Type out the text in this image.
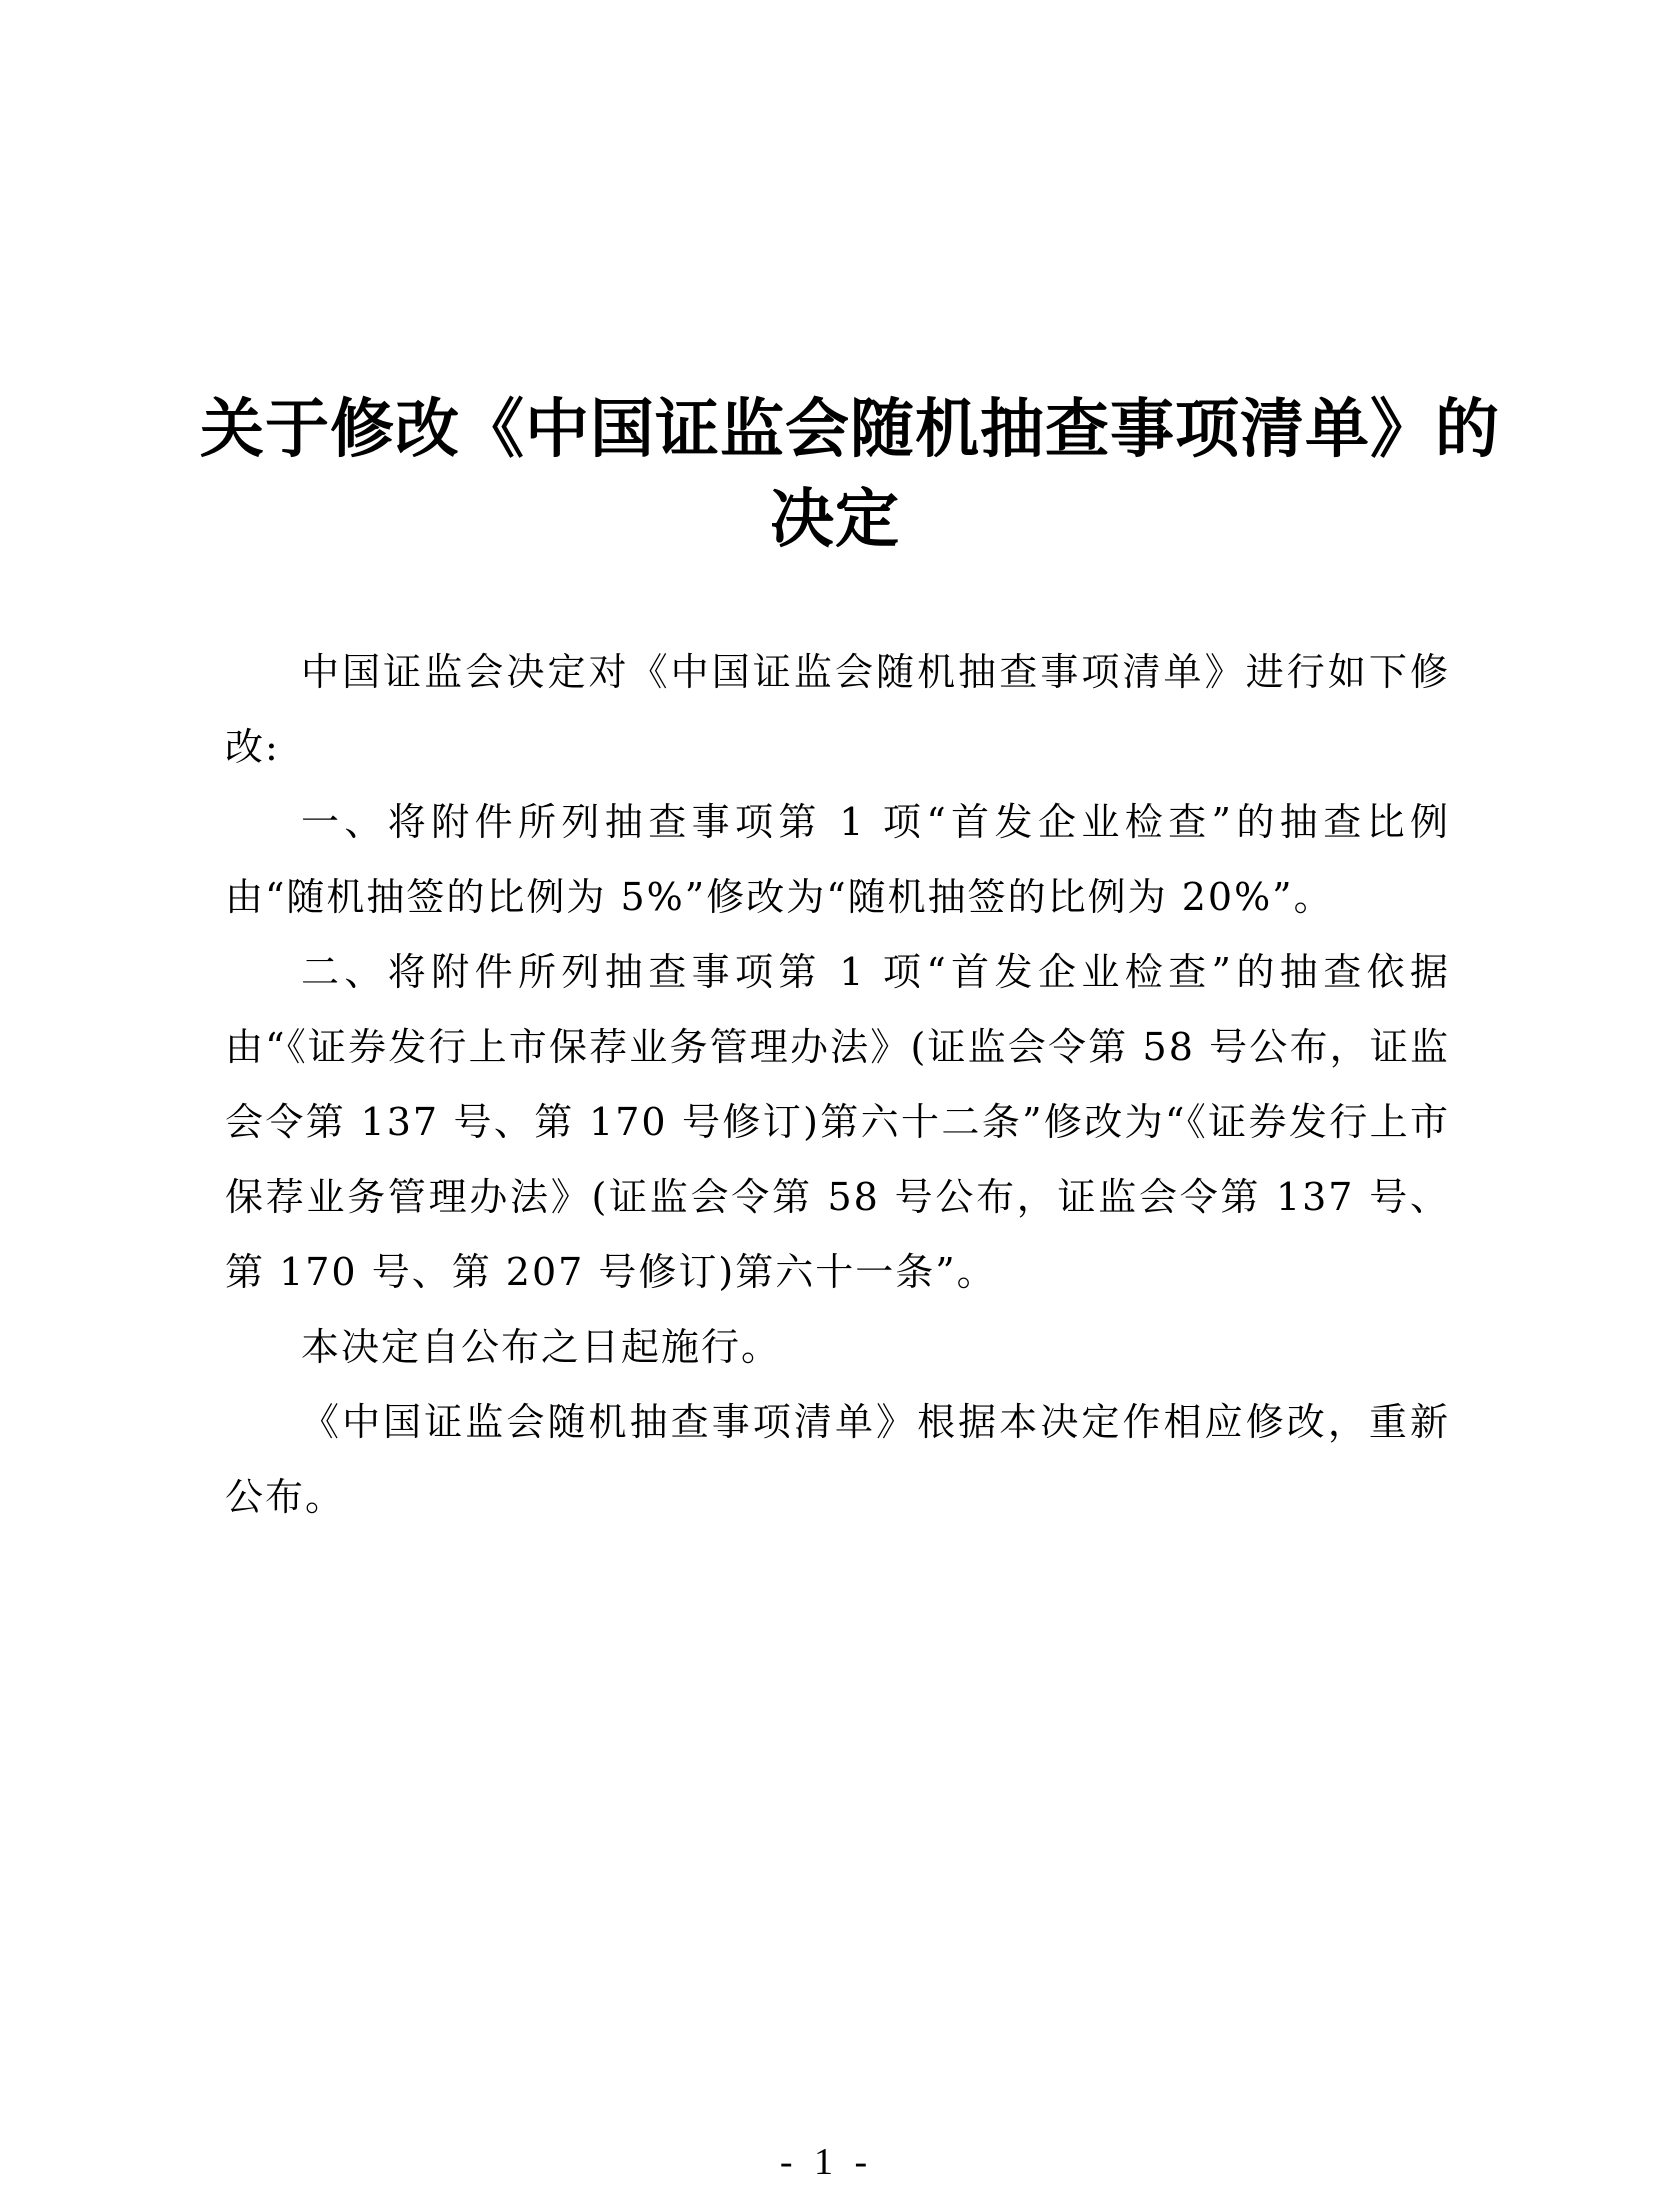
关于修改《中国证监会随机抽查事项清单》的
决定

中国证监会决定对《中国证监会随机抽查事项清单》进行如下修改:

一、将附件所列抽查事项第 1 项“首发企业检查”的抽查比例由“随机抽签的比例为 5%”修改为“随机抽签的比例为 20%”。

二、将附件所列抽查事项第 1 项“首发企业检查”的抽查依据由“《证券发行上市保荐业务管理办法》(证监会令第 58 号公布，证监会令第 137 号、第 170 号修订)第六十二条”修改为“《证券发行上市保荐业务管理办法》(证监会令第 58 号公布，证监会令第 137 号、第 170 号、第 207 号修订)第六十一条”。

本决定自公布之日起施行。

《中国证监会随机抽查事项清单》根据本决定作相应修改，重新公布。

- 1 -
